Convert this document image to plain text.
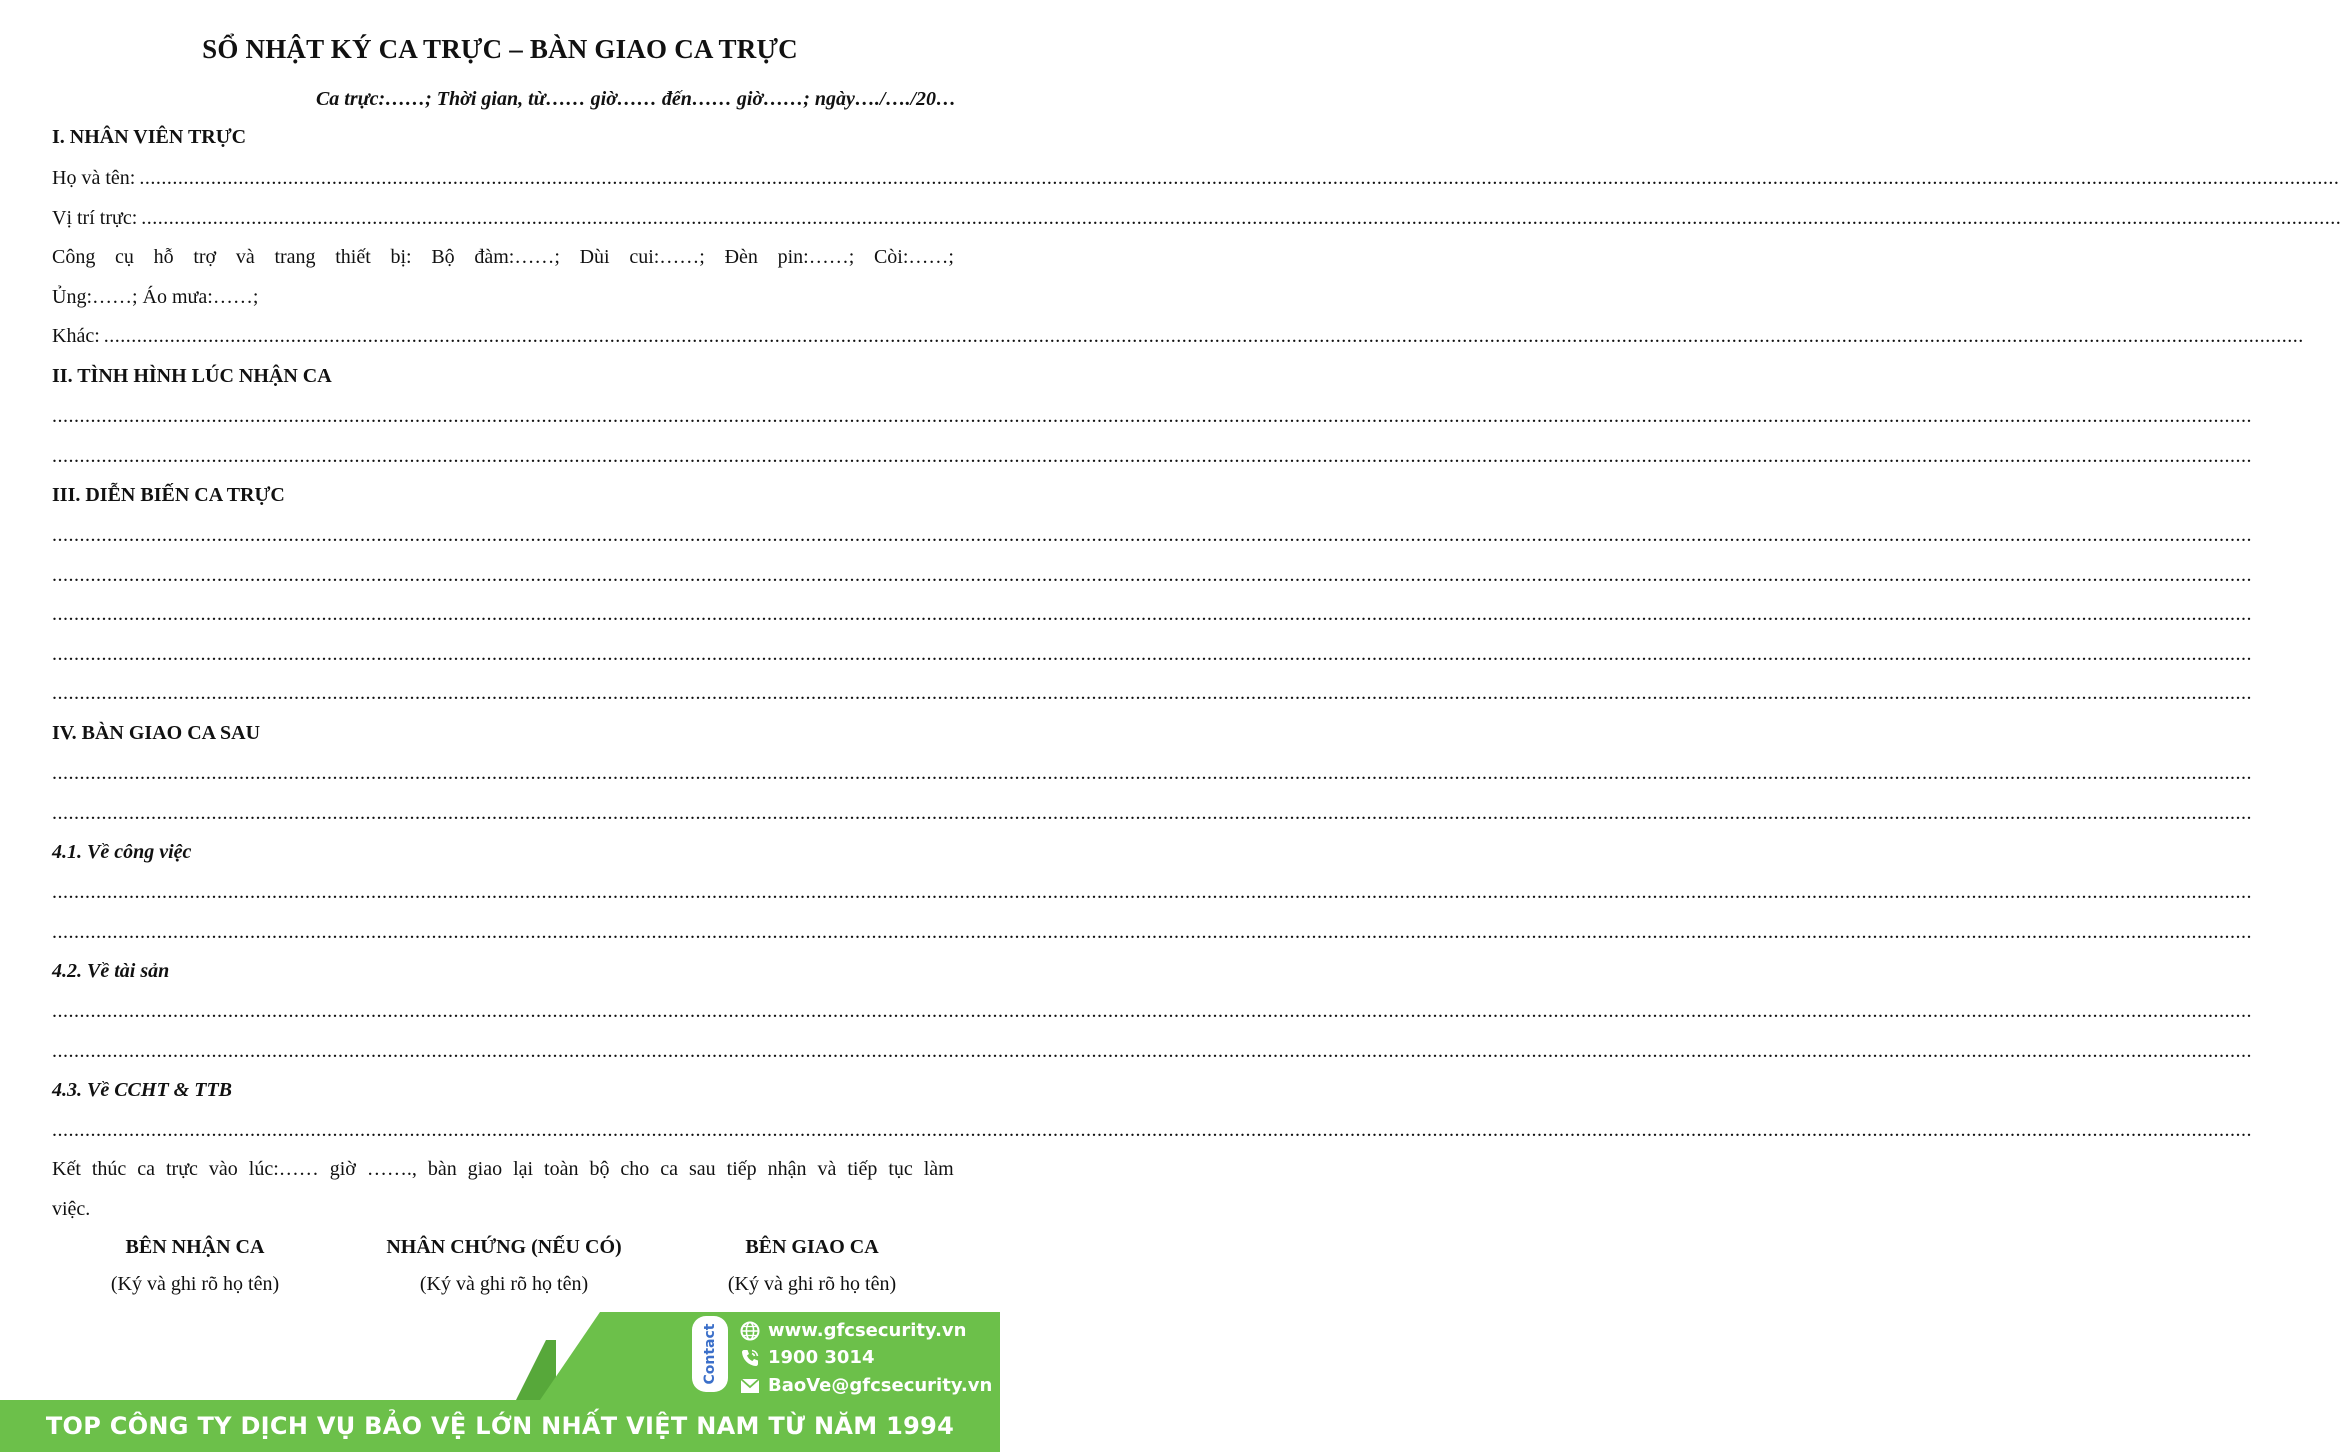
SỔ NHẬT KÝ CA TRỰC – BÀN GIAO CA TRỰC
Ca trực:……; Thời gian, từ…… giờ…… đến…… giờ……; ngày…./…./20…
I. NHÂN VIÊN TRỰC
Họ và tên: ................................................................................................................................................................................................................................................................................................................................................................................................................
Vị trí trực: ................................................................................................................................................................................................................................................................................................................................................................................................................
Công cụ hỗ trợ và trang thiết bị: Bộ đàm:……; Dùi cui:……; Đèn pin:……; Còi:……;
Ủng:……; Áo mưa:……;
Khác: ................................................................................................................................................................................................................................................................................................................................................................................................................
II. TÌNH HÌNH LÚC NHẬN CA
................................................................................................................................................................................................................................................................................................................................................................................................................
................................................................................................................................................................................................................................................................................................................................................................................................................
III. DIỄN BIẾN CA TRỰC
................................................................................................................................................................................................................................................................................................................................................................................................................
................................................................................................................................................................................................................................................................................................................................................................................................................
................................................................................................................................................................................................................................................................................................................................................................................................................
................................................................................................................................................................................................................................................................................................................................................................................................................
................................................................................................................................................................................................................................................................................................................................................................................................................
IV. BÀN GIAO CA SAU
................................................................................................................................................................................................................................................................................................................................................................................................................
................................................................................................................................................................................................................................................................................................................................................................................................................
4.1. Về công việc
................................................................................................................................................................................................................................................................................................................................................................................................................
................................................................................................................................................................................................................................................................................................................................................................................................................
4.2. Về tài sản
................................................................................................................................................................................................................................................................................................................................................................................................................
................................................................................................................................................................................................................................................................................................................................................................................................................
4.3. Về CCHT & TTB
................................................................................................................................................................................................................................................................................................................................................................................................................
Kết thúc ca trực vào lúc:…… giờ ……., bàn giao lại toàn bộ cho ca sau tiếp nhận và tiếp tục làm
việc.
BÊN NHẬN CA
(Ký và ghi rõ họ tên)
NHÂN CHỨNG (NẾU CÓ)
(Ký và ghi rõ họ tên)
BÊN GIAO CA
(Ký và ghi rõ họ tên)
Contact	www.gfcsecurity.vn
1900 3014
BaoVe@gfcsecurity.vn
TOP CÔNG TY DỊCH VỤ BẢO VỆ LỚN NHẤT VIỆT NAM TỪ NĂM 1994
